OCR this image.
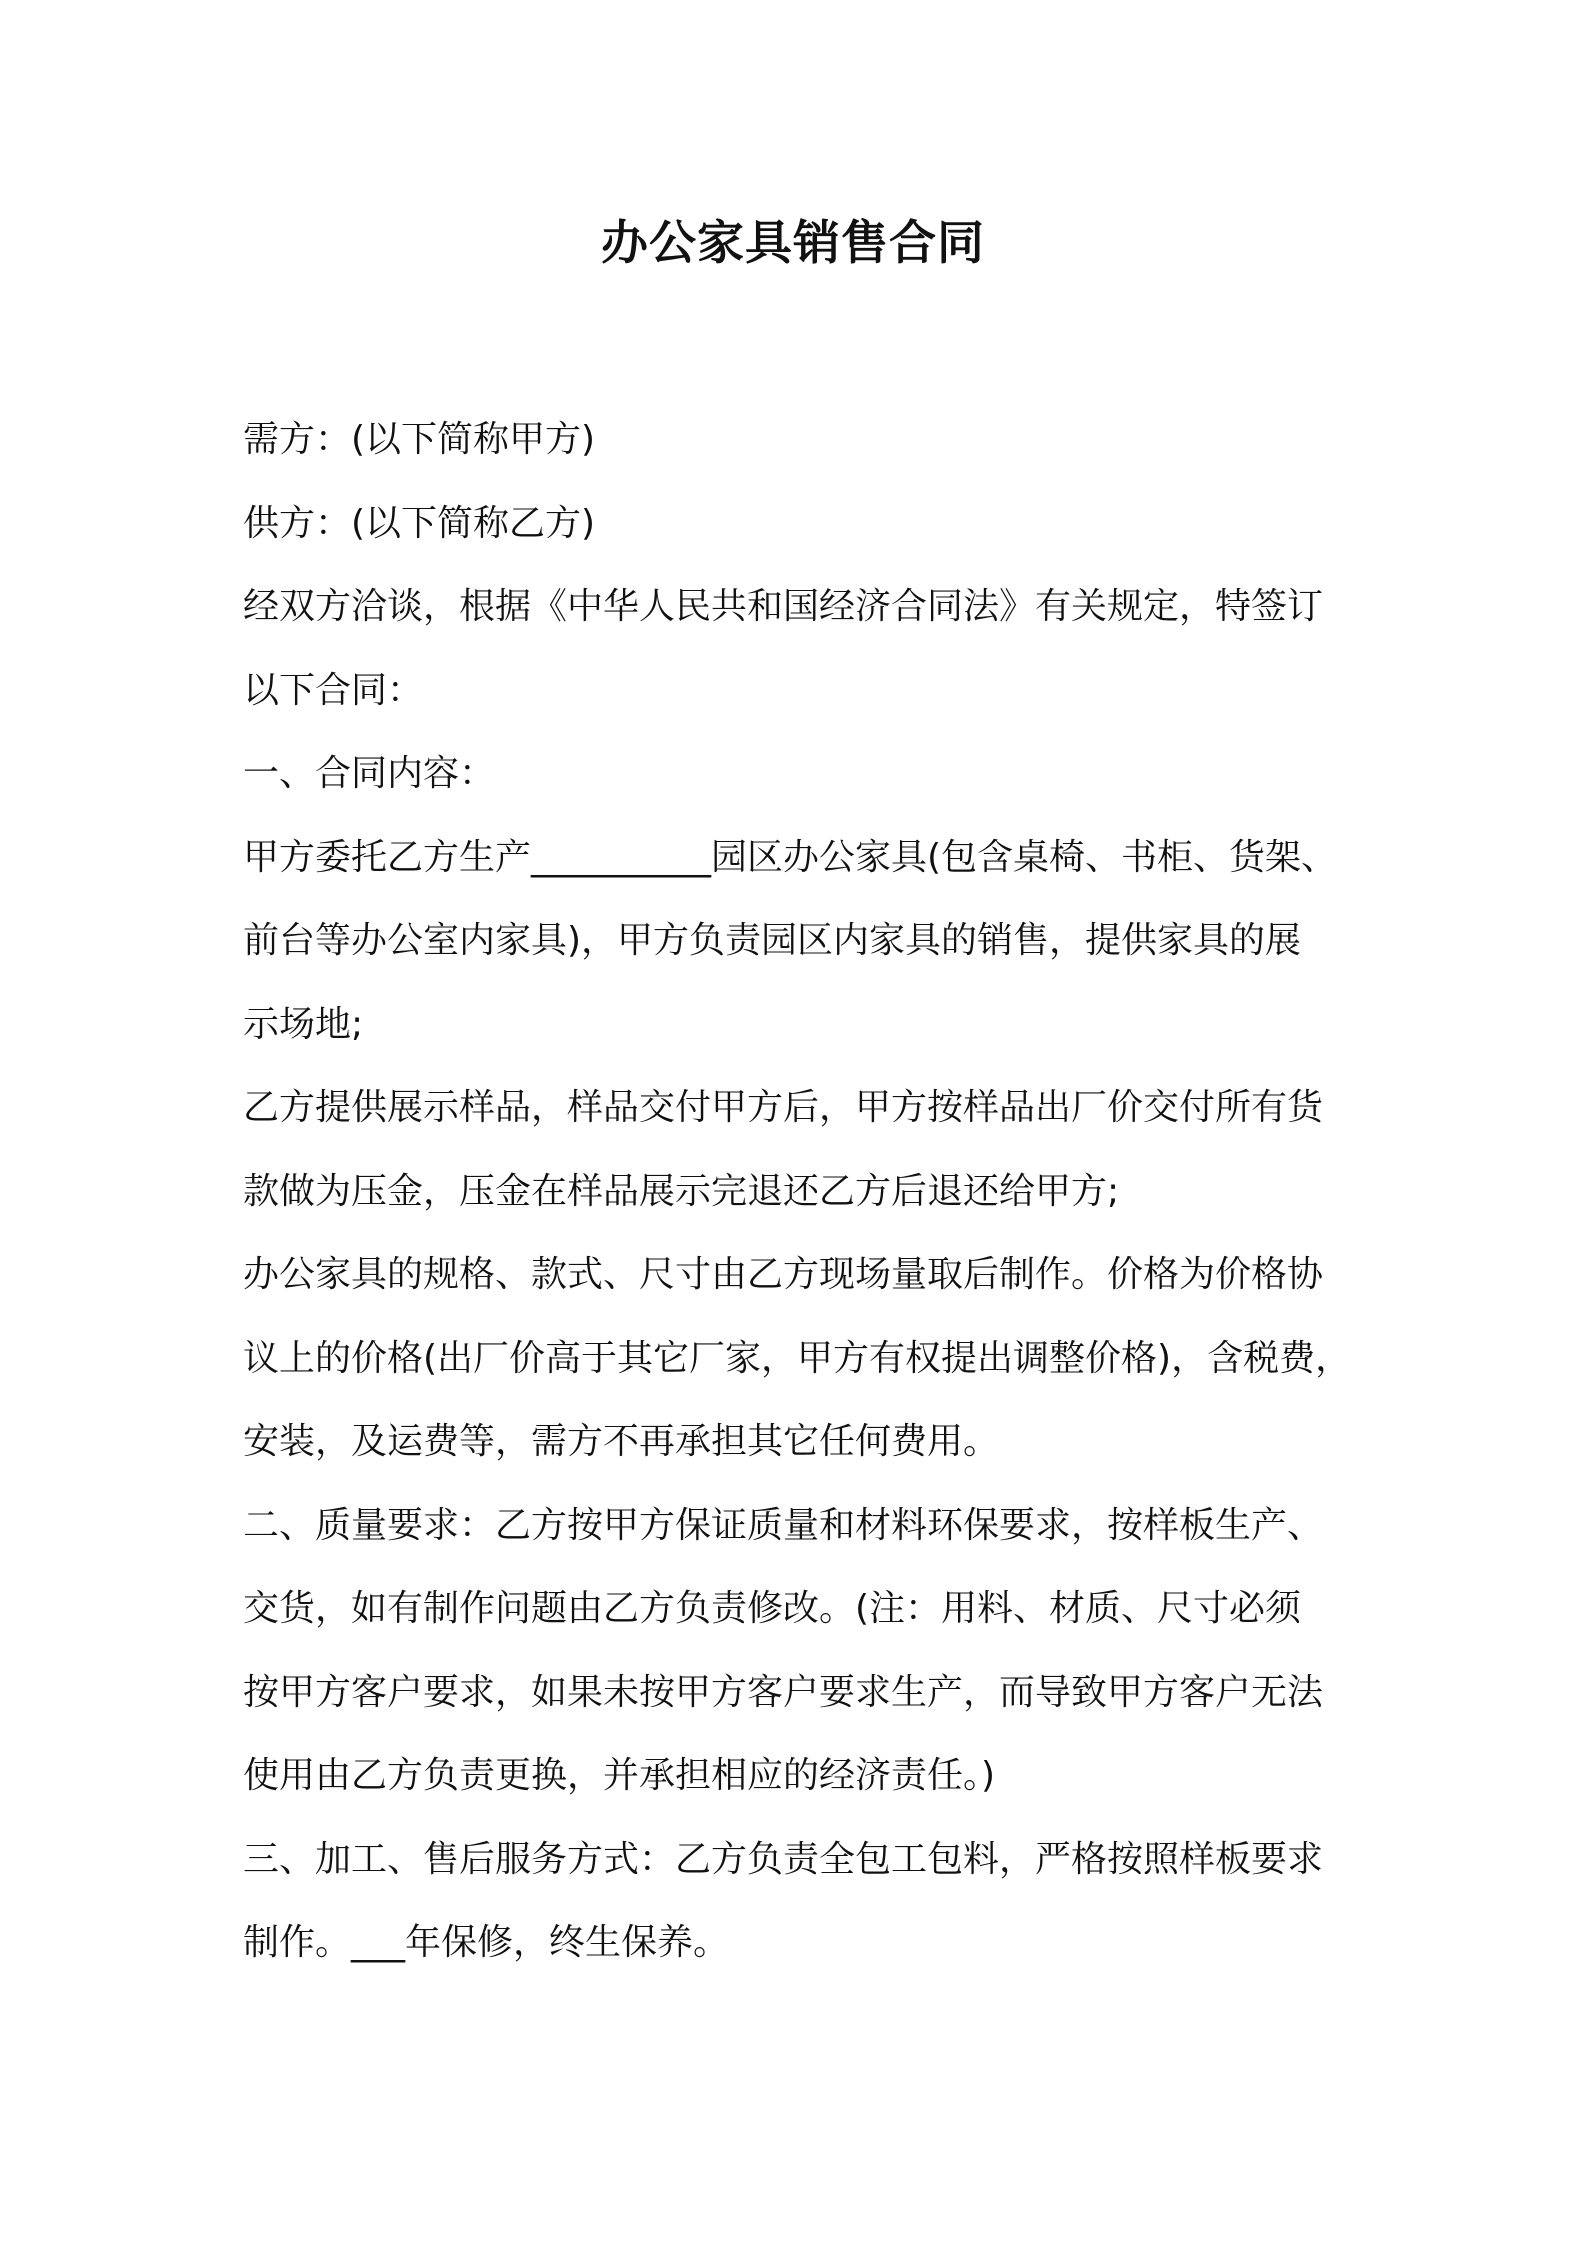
办公家具销售合同
需方：(以下简称甲方)
供方：(以下简称乙方)
经双方洽谈，根据《中华人民共和国经济合同法》有关规定，特签订
以下合同：
一、合同内容：
甲方委托乙方生产__________园区办公家具(包含桌椅、书柜、货架、
前台等办公室内家具)，甲方负责园区内家具的销售，提供家具的展
示场地;
乙方提供展示样品，样品交付甲方后，甲方按样品出厂价交付所有货
款做为压金，压金在样品展示完退还乙方后退还给甲方;
办公家具的规格、款式、尺寸由乙方现场量取后制作。价格为价格协
议上的价格(出厂价高于其它厂家，甲方有权提出调整价格)，含税费，
安装，及运费等，需方不再承担其它任何费用。
二、质量要求：乙方按甲方保证质量和材料环保要求，按样板生产、
交货，如有制作问题由乙方负责修改。(注：用料、材质、尺寸必须
按甲方客户要求，如果未按甲方客户要求生产，而导致甲方客户无法
使用由乙方负责更换，并承担相应的经济责任。)
三、加工、售后服务方式：乙方负责全包工包料，严格按照样板要求
制作。___年保修，终生保养。
